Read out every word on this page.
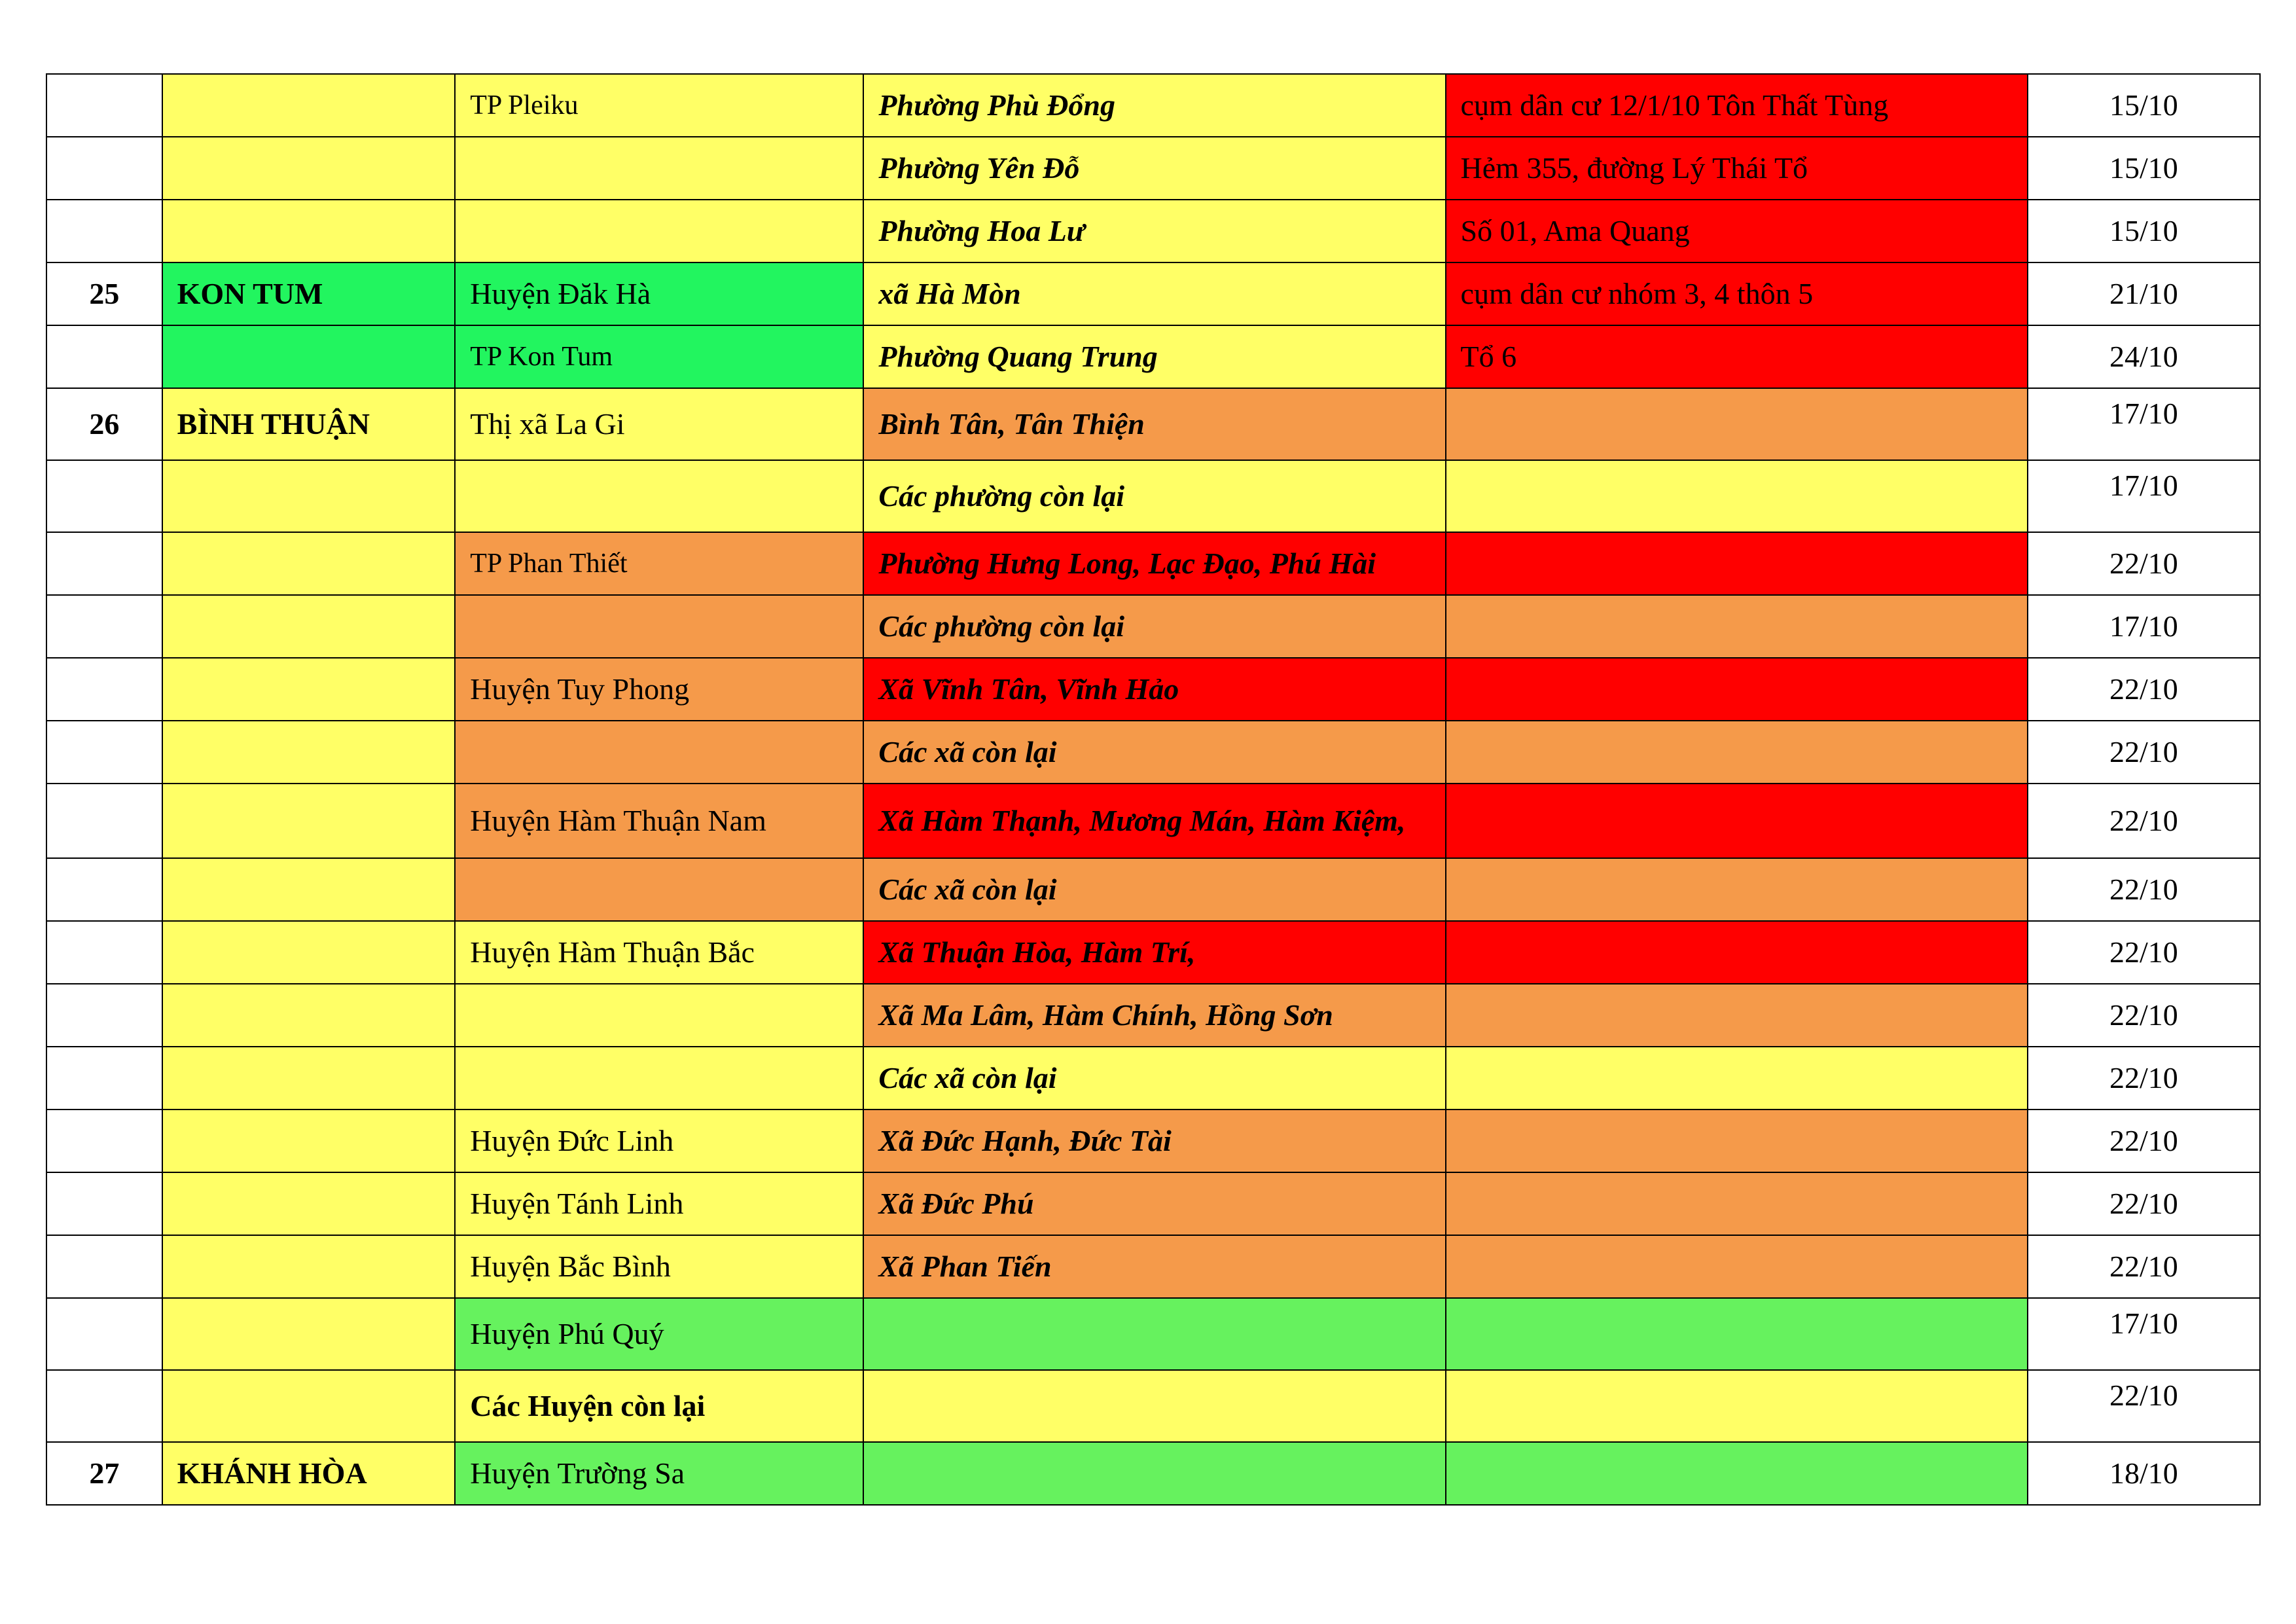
		TP Pleiku	Phường Phù Đổng	cụm dân cư 12/1/10 Tôn Thất Tùng	15/10
			Phường Yên Đỗ	Hẻm 355, đường Lý Thái Tổ	15/10
			Phường Hoa Lư	Số 01, Ama Quang	15/10
25	KON TUM	Huyện Đăk Hà	xã Hà Mòn	cụm dân cư nhóm 3, 4 thôn 5	21/10
		TP Kon Tum	Phường Quang Trung	Tổ 6	24/10
26	BÌNH THUẬN	Thị xã La Gi	Bình Tân, Tân Thiện		17/10
			Các phường còn lại		17/10
		TP Phan Thiết	Phường Hưng Long, Lạc Đạo, Phú Hài		22/10
			Các phường còn lại		17/10
		Huyện Tuy Phong	Xã Vĩnh Tân, Vĩnh Hảo		22/10
			Các xã còn lại		22/10
		Huyện Hàm Thuận Nam	Xã Hàm Thạnh, Mương Mán, Hàm Kiệm,		22/10
			Các xã còn lại		22/10
		Huyện Hàm Thuận Bắc	Xã Thuận Hòa, Hàm Trí,		22/10
			Xã Ma Lâm, Hàm Chính, Hồng Sơn		22/10
			Các xã còn lại		22/10
		Huyện Đức Linh	Xã Đức Hạnh, Đức Tài		22/10
		Huyện Tánh Linh	Xã Đức Phú		22/10
		Huyện Bắc Bình	Xã Phan Tiến		22/10
		Huyện Phú Quý			17/10
		Các Huyện còn lại			22/10
27	KHÁNH HÒA	Huyện Trường Sa			18/10
